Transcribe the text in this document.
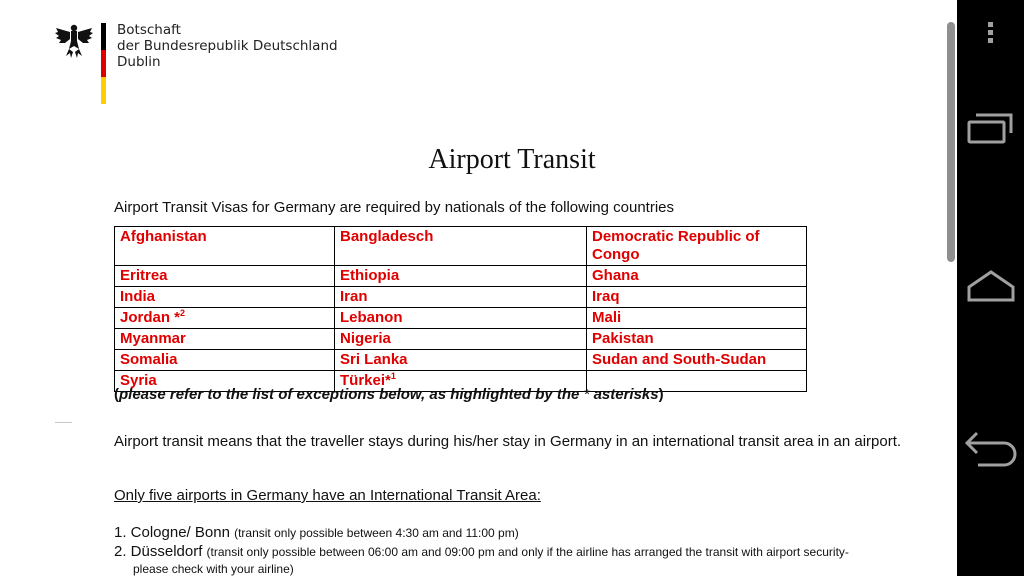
Botschaft
der Bundesrepublik Deutschland
Dublin
Airport Transit
Airport Transit Visas for Germany are required by nationals of the following countries
Afghanistan	Bangladesch	Democratic Republic of Congo
Eritrea	Ethiopia	Ghana
India	Iran	Iraq
Jordan *$^2$	Lebanon	Mali
Myanmar	Nigeria	Pakistan
Somalia	Sri Lanka	Sudan and South-Sudan
Syria	Türkei*$^1$	
(please refer to the list of exceptions below, as highlighted by the * asterisks)
Airport transit means that the traveller stays during his/her stay in Germany in an international transit area in an airport.
Only five airports in Germany have an International Transit Area:
1. Cologne/ Bonn (transit only possible between 4:30 am and 11:00 pm)
2. Düsseldorf (transit only possible between 06:00 am and 09:00 pm and only if the airline has arranged the transit with airport security-
please check with your airline)
